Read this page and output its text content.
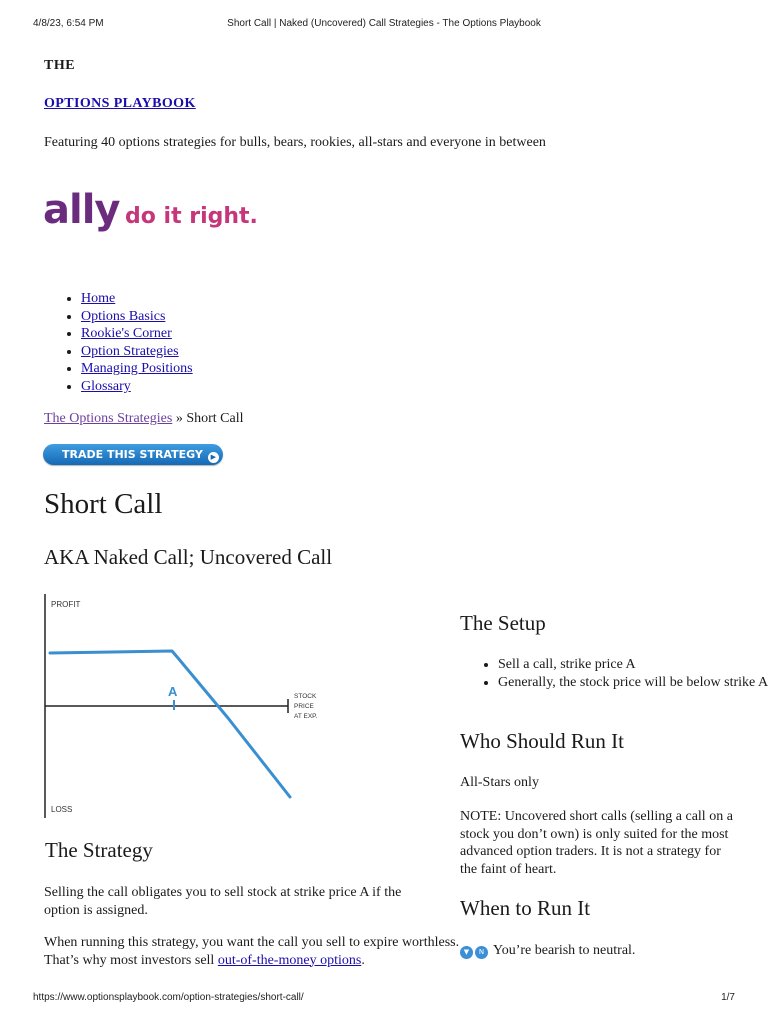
4/8/23, 6:54 PM	Short Call | Naked (Uncovered) Call Strategies - The Options Playbook
THE
OPTIONS PLAYBOOK
Featuring 40 options strategies for bulls, bears, rookies, all-stars and everyone in between
ally do it right.
• Home
• Options Basics
• Rookie's Corner
• Option Strategies
• Managing Positions
• Glossary
The Options Strategies » Short Call
TRADE THIS STRATEGY ▶
Short Call
AKA Naked Call; Uncovered Call
PROFIT
LOSS
A	STOCK
PRICE
AT EXP.
The Strategy

Selling the call obligates you to sell stock at strike price A if the option is assigned.

When running this strategy, you want the call you sell to expire worthless. That’s why most investors sell out-of-the-money options.

The Setup
• Sell a call, strike price A
• Generally, the stock price will be below strike A
Who Should Run It

All-Stars only

NOTE: Uncovered short calls (selling a call on a stock you don’t own) is only suited for the most advanced option traders. It is not a strategy for the faint of heart.

When to Run It

▼ N You’re bearish to neutral.

https://www.optionsplaybook.com/option-strategies/short-call/	1/7
